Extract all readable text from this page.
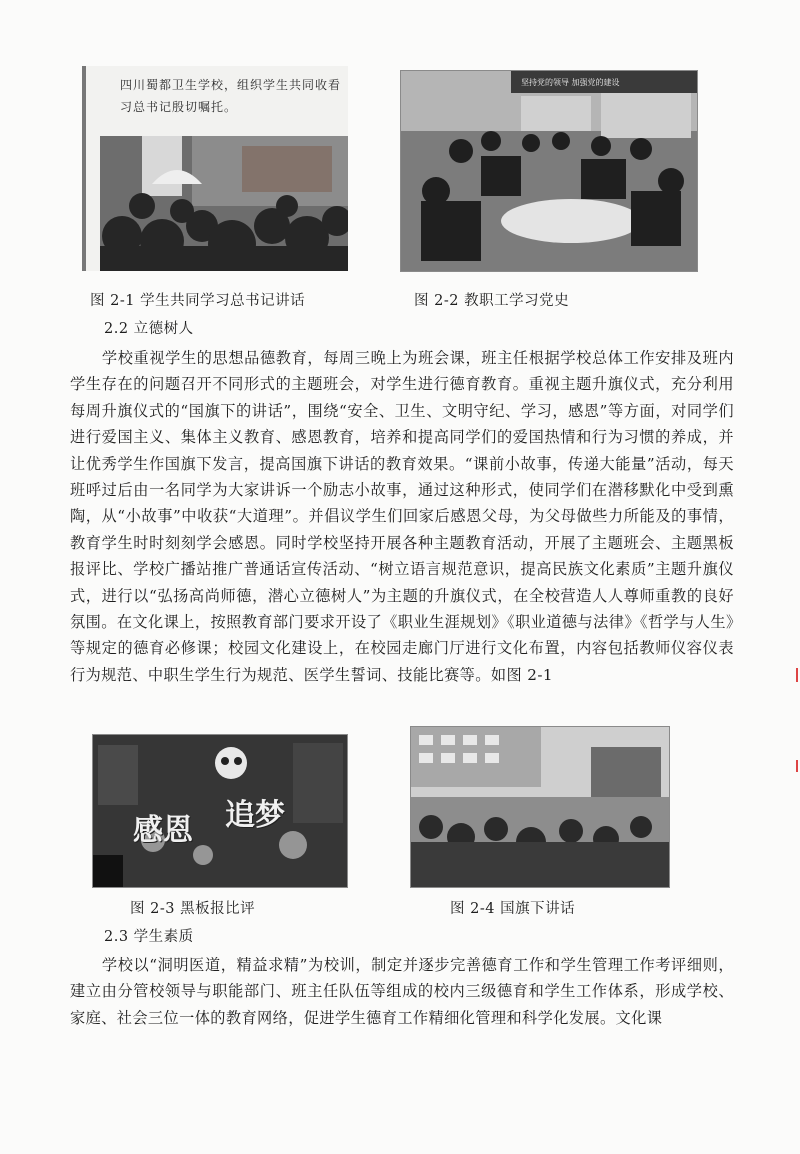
四川蜀都卫生学校，组织学生共同收看习总书记殷切嘱托。
坚持党的领导 加强党的建设
图 2-1 学生共同学习总书记讲话	图 2-2 教职工学习党史
2.2 立德树人

学校重视学生的思想品德教育，每周三晚上为班会课，班主任根据学校总体工作安排及班内学生存在的问题召开不同形式的主题班会，对学生进行德育教育。重视主题升旗仪式，充分利用每周升旗仪式的“国旗下的讲话”，围绕“安全、卫生、文明守纪、学习，感恩”等方面，对同学们进行爱国主义、集体主义教育、感恩教育，培养和提高同学们的爱国热情和行为习惯的养成，并让优秀学生作国旗下发言，提高国旗下讲话的教育效果。“课前小故事，传递大能量”活动，每天班呼过后由一名同学为大家讲诉一个励志小故事，通过这种形式，使同学们在潜移默化中受到熏陶，从“小故事”中收获“大道理”。并倡议学生们回家后感恩父母，为父母做些力所能及的事情，教育学生时时刻刻学会感恩。同时学校坚持开展各种主题教育活动，开展了主题班会、主题黑板报评比、学校广播站推广普通话宣传活动、“树立语言规范意识，提高民族文化素质”主题升旗仪式，进行以“弘扬高尚师德，潜心立德树人”为主题的升旗仪式，在全校营造人人尊师重教的良好氛围。在文化课上，按照教育部门要求开设了《职业生涯规划》《职业道德与法律》《哲学与人生》等规定的德育必修课；校园文化建设上，在校园走廊门厅进行文化布置，内容包括教师仪容仪表行为规范、中职生学生行为规范、医学生誓词、技能比赛等。如图 2-1

感恩 追梦
图 2-3 黑板报比评	图 2-4 国旗下讲话
2.3 学生素质

学校以“洞明医道，精益求精”为校训，制定并逐步完善德育工作和学生管理工作考评细则，建立由分管校领导与职能部门、班主任队伍等组成的校内三级德育和学生工作体系，形成学校、家庭、社会三位一体的教育网络，促进学生德育工作精细化管理和科学化发展。文化课
